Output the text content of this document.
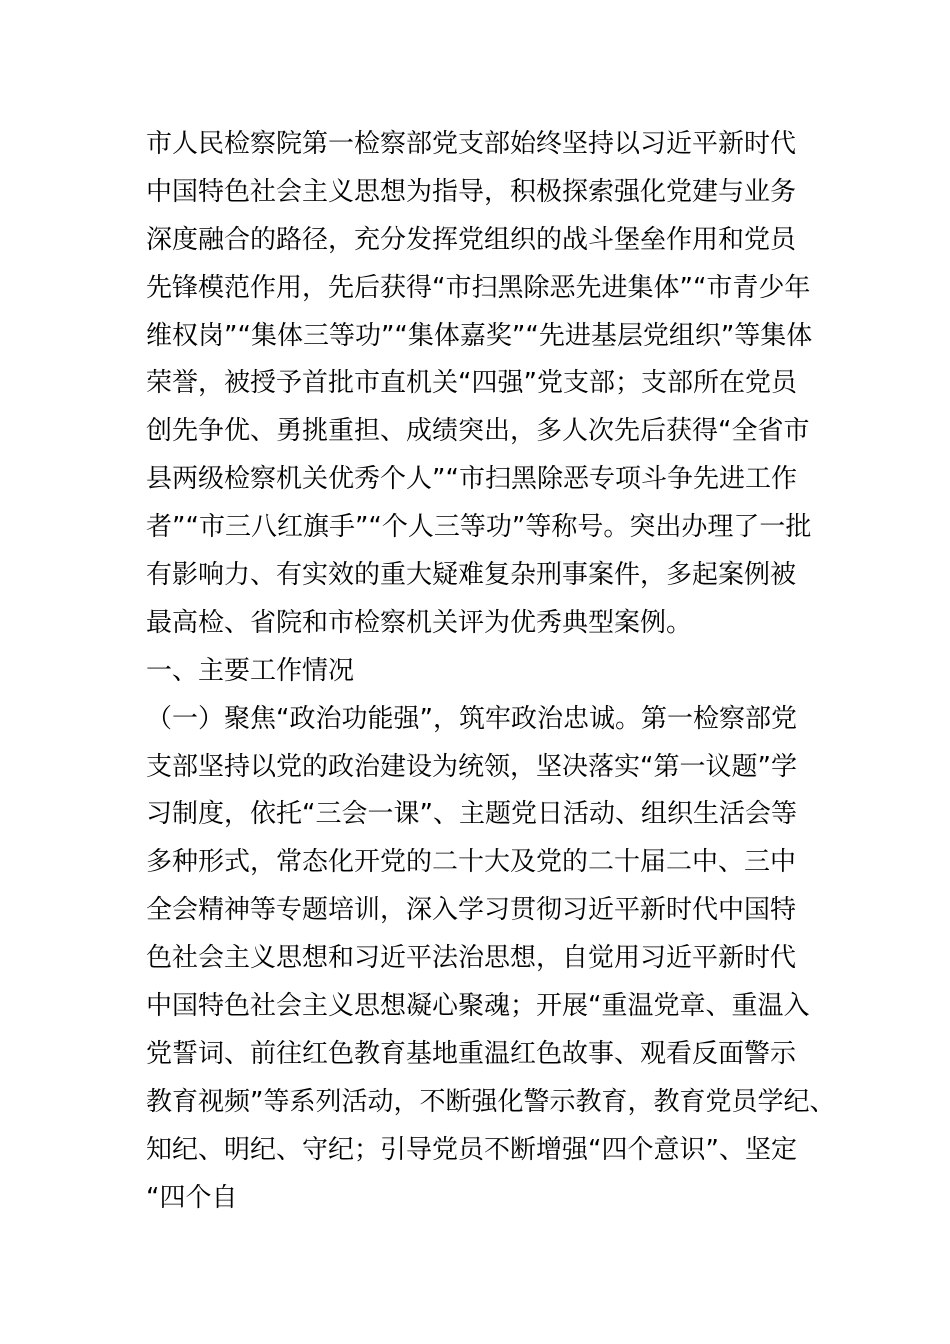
市人民检察院第一检察部党支部始终坚持以习近平新时代
中国特色社会主义思想为指导，积极探索强化党建与业务
深度融合的路径，充分发挥党组织的战斗堡垒作用和党员
先锋模范作用，先后获得“市扫黑除恶先进集体”“市青少年
维权岗”“集体三等功”“集体嘉奖”“先进基层党组织”等集体
荣誉，被授予首批市直机关“四强”党支部；支部所在党员
创先争优、勇挑重担、成绩突出，多人次先后获得“全省市
县两级检察机关优秀个人”“市扫黑除恶专项斗争先进工作
者”“市三八红旗手”“个人三等功”等称号。突出办理了一批
有影响力、有实效的重大疑难复杂刑事案件，多起案例被
最高检、省院和市检察机关评为优秀典型案例。
一、主要工作情况
（一）聚焦“政治功能强”，筑牢政治忠诚。第一检察部党
支部坚持以党的政治建设为统领，坚决落实“第一议题”学
习制度，依托“三会一课”、主题党日活动、组织生活会等
多种形式，常态化开党的二十大及党的二十届二中、三中
全会精神等专题培训，深入学习贯彻习近平新时代中国特
色社会主义思想和习近平法治思想，自觉用习近平新时代
中国特色社会主义思想凝心聚魂；开展“重温党章、重温入
党誓词、前往红色教育基地重温红色故事、观看反面警示
教育视频”等系列活动，不断强化警示教育，教育党员学纪、
知纪、明纪、守纪；引导党员不断增强“四个意识”、坚定
“四个自
